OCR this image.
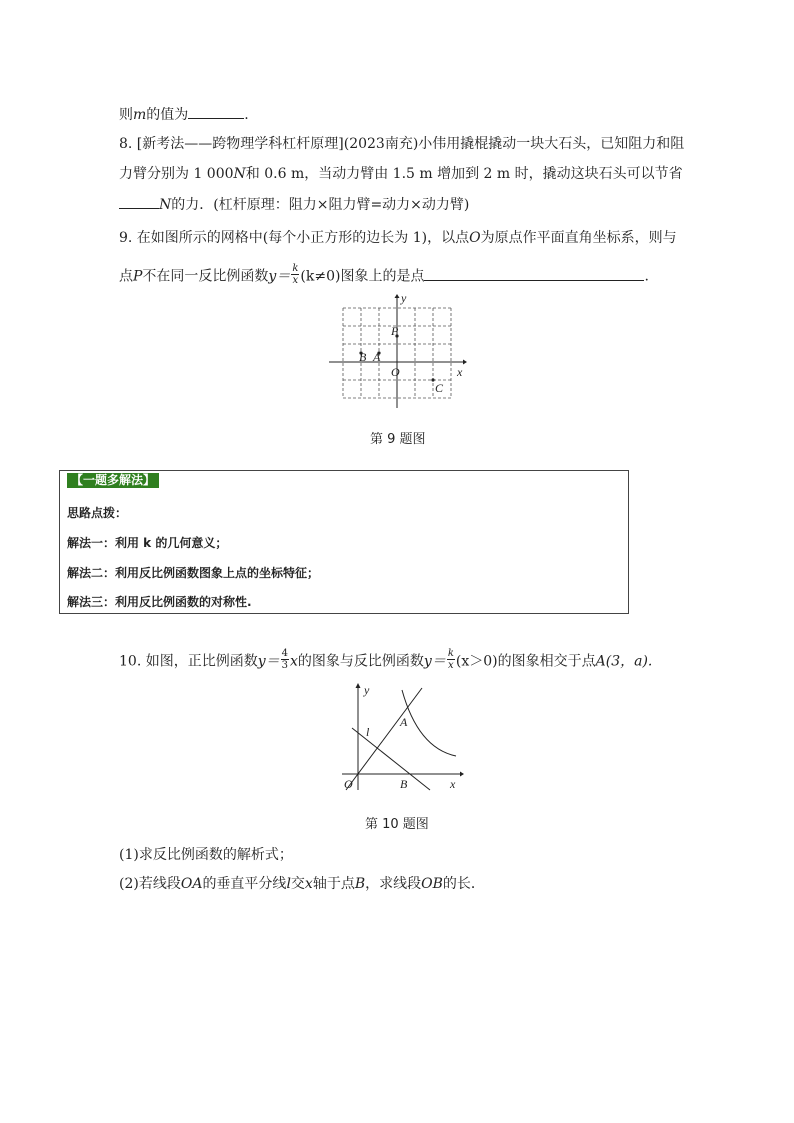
则m的值为	.
8. [新考法——跨物理学科杠杆原理](2023南充)小伟用撬棍撬动一块大石头，已知阻力和阻
力臂分别为 1 000N和 0.6 m，当动力臂由 1.5 m 增加到 2 m 时，撬动这块石头可以节省
N的力．(杠杆原理：阻力×阻力臂=动力×动力臂)
9. 在如图所示的网格中(每个小正方形的边长为 1)，以点O为原点作平面直角坐标系，则与
点P不在同一反比例函数$y= \frac{k}{x} (k\ne 0)$图象上的是点	.
y
x
O
P
B A
C
第 9 题图
【一题多解法】
思路点拨：
解法一：利用 k 的几何意义；
解法二：利用反比例函数图象上点的坐标特征；
解法三：利用反比例函数的对称性.
10. 如图，正比例函数$y= \frac{4}{3}$ x的图象与反比例函数$y= \frac{k}{x} (x>0)$的图象相交于点A(3，a).
y
x
O
A
B
l
第 10 题图
(1)求反比例函数的解析式；
(2)若线段OA的垂直平分线l交x轴于点B，求线段OB的长．
